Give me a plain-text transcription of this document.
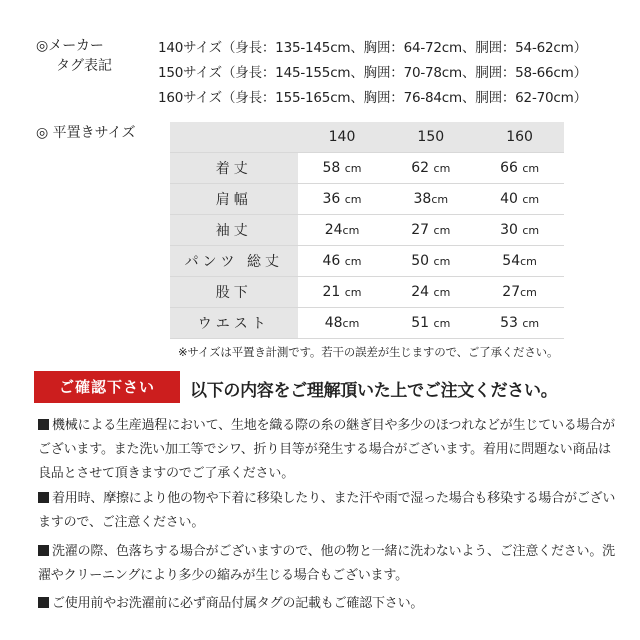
◎メーカー
タグ表記
140サイズ（身長：135-145cm、胸囲：64-72cm、胴囲：54-62cm）
150サイズ（身長：145-155cm、胸囲：70-78cm、胴囲：58-66cm）
160サイズ（身長：155-165cm、胸囲：76-84cm、胴囲：62-70cm）
◎ 平置きサイズ
		140	150	160
着丈	58 cm	62 cm	66 cm
肩幅	36 cm	38cm	40 cm
袖丈	24cm	27 cm	30 cm
パンツ 総丈	46 cm	50 cm	54cm
股下	21 cm	24 cm	27cm
ウエスト	48cm	51 cm	53 cm
※サイズは平置き計測です。若干の誤差が生じますので、ご了承ください。
ご確認下さい	以下の内容をご理解頂いた上でご注文ください。
機械による生産過程において、生地を織る際の糸の継ぎ目や多少のほつれなどが生じている場合がございます。また洗い加工等でシワ、折り目等が発生する場合がございます。着用に問題ない商品は良品とさせて頂きますのでご了承ください。
着用時、摩擦により他の物や下着に移染したり、また汗や雨で湿った場合も移染する場合がございますので、ご注意ください。
洗濯の際、色落ちする場合がございますので、他の物と一緒に洗わないよう、ご注意ください。洗濯やクリーニングにより多少の縮みが生じる場合もございます。
ご使用前やお洗濯前に必ず商品付属タグの記載もご確認下さい。
